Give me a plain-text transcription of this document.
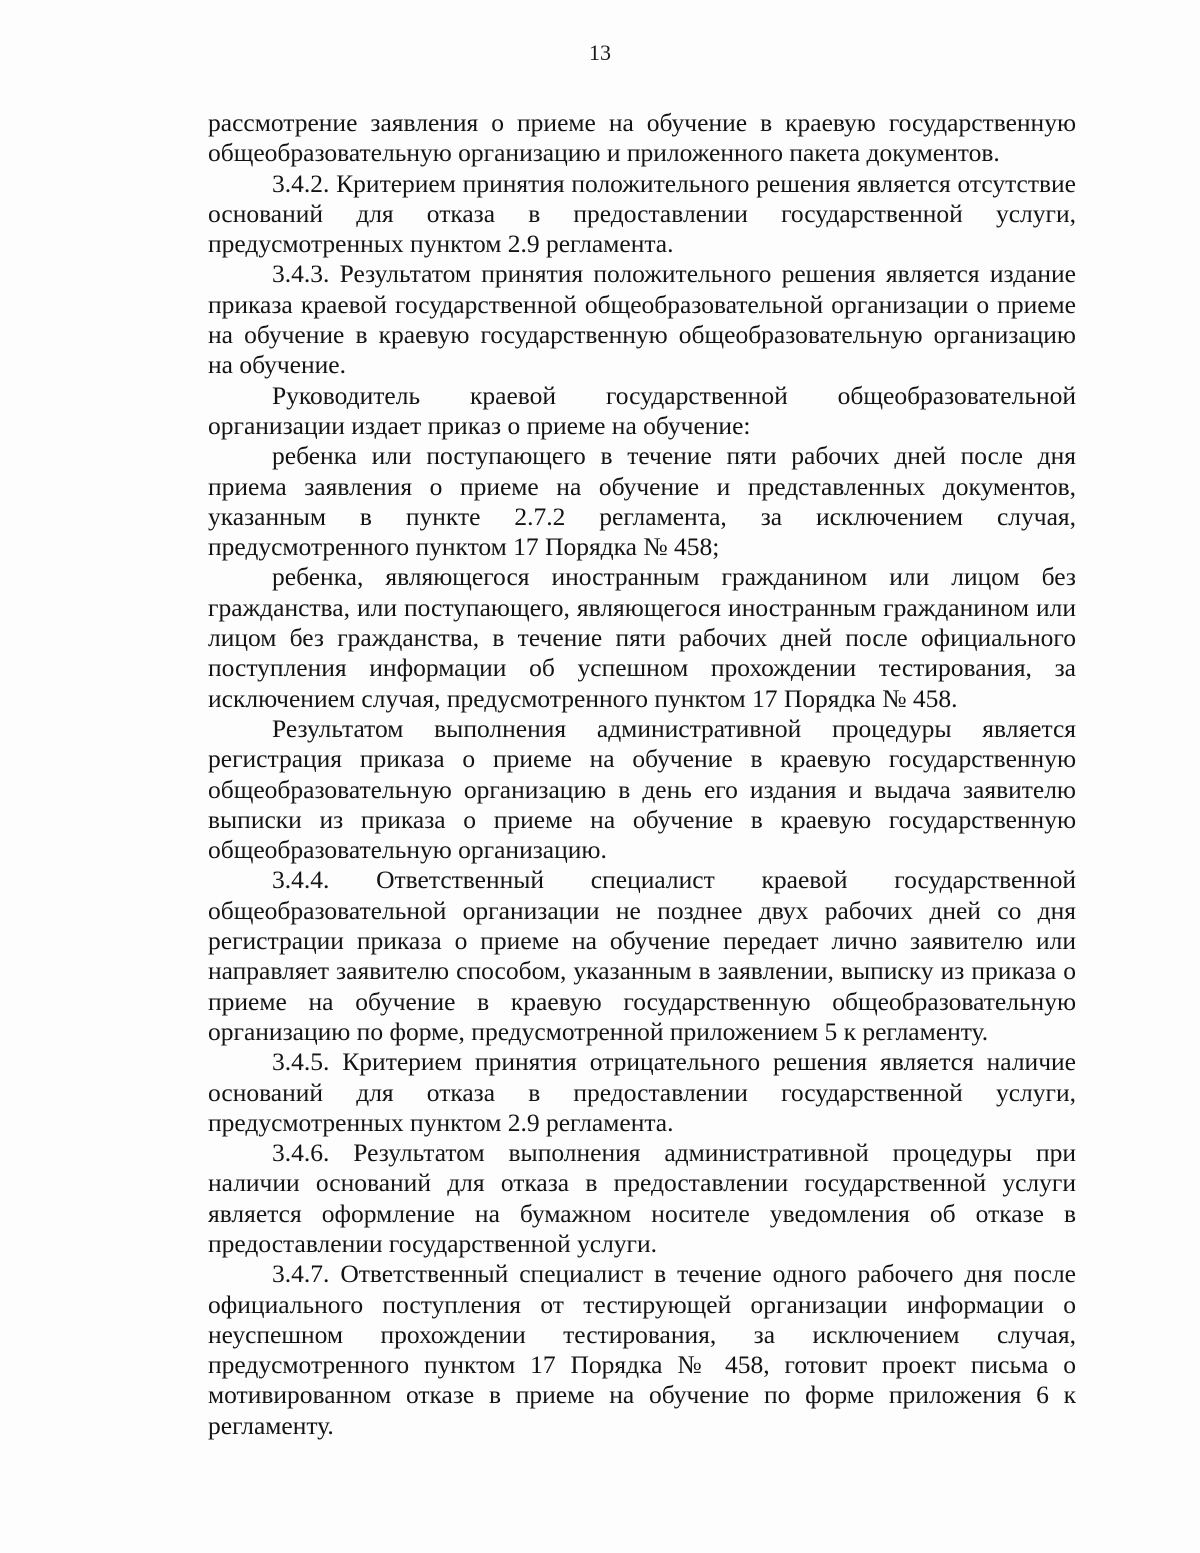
13

рассмотрение заявления о приеме на обучение в краевую государственную общеобразовательную организацию и приложенного пакета документов.

3.4.2. Критерием принятия положительного решения является отсутствие оснований для отказа в предоставлении государственной услуги, предусмотренных пунктом 2.9 регламента.

3.4.3. Результатом принятия положительного решения является издание приказа краевой государственной общеобразовательной организации о приеме на обучение в краевую государственную общеобразовательную организацию на обучение.

Руководитель краевой государственной общеобразовательной организации издает приказ о приеме на обучение:

ребенка или поступающего в течение пяти рабочих дней после дня приема заявления о приеме на обучение и представленных документов, указанным в пункте 2.7.2 регламента, за исключением случая, предусмотренного пунктом 17 Порядка № 458;

ребенка, являющегося иностранным гражданином или лицом без гражданства, или поступающего, являющегося иностранным гражданином или лицом без гражданства, в течение пяти рабочих дней после официального поступления информации об успешном прохождении тестирования, за исключением случая, предусмотренного пунктом 17 Порядка № 458.

Результатом выполнения административной процедуры является регистрация приказа о приеме на обучение в краевую государственную общеобразовательную организацию в день его издания и выдача заявителю выписки из приказа о приеме на обучение в краевую государственную общеобразовательную организацию.

3.4.4. Ответственный специалист краевой государственной общеобразовательной организации не позднее двух рабочих дней со дня регистрации приказа о приеме на обучение передает лично заявителю или направляет заявителю способом, указанным в заявлении, выписку из приказа о приеме на обучение в краевую государственную общеобразовательную организацию по форме, предусмотренной приложением 5 к регламенту.

3.4.5. Критерием принятия отрицательного решения является наличие оснований для отказа в предоставлении государственной услуги, предусмотренных пунктом 2.9 регламента.

3.4.6. Результатом выполнения административной процедуры при наличии оснований для отказа в предоставлении государственной услуги является оформление на бумажном носителе уведомления об отказе в предоставлении государственной услуги.

3.4.7. Ответственный специалист в течение одного рабочего дня после официального поступления от тестирующей организации информации о неуспешном прохождении тестирования, за исключением случая, предусмотренного пунктом 17 Порядка № 458, готовит проект письма о мотивированном отказе в приеме на обучение по форме приложения 6 к регламенту.
